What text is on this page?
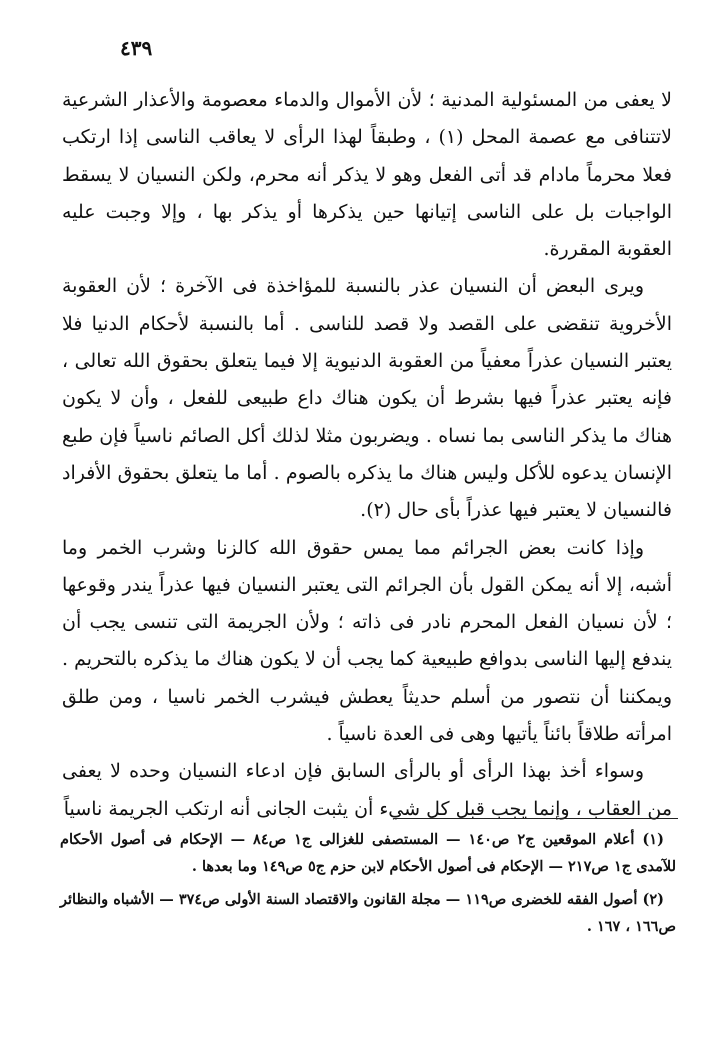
٤٣٩

لا يعفى من المسئولية المدنية ؛ لأن الأموال والدماء معصومة والأعذار الشرعية لاتتنافى مع عصمة المحل (١) ، وطبقاً لهذا الرأى لا يعاقب الناسى إذا ارتكب فعلا محرماً مادام قد أتى الفعل وهو لا يذكر أنه محرم، ولكن النسيان لا يسقط الواجبات بل على الناسى إتيانها حين يذكرها أو يذكر بها ، وإلا وجبت عليه العقوبة المقررة.

ويرى البعض أن النسيان عذر بالنسبة للمؤاخذة فى الآخرة ؛ لأن العقوبة الأخروية تنقضى على القصد ولا قصد للناسى . أما بالنسبة لأحكام الدنيا فلا يعتبر النسيان عذراً معفياً من العقوبة الدنيوية إلا فيما يتعلق بحقوق الله تعالى ، فإنه يعتبر عذراً فيها بشرط أن يكون هناك داع طبيعى للفعل ، وأن لا يكون هناك ما يذكر الناسى بما نساه . ويضربون مثلا لذلك أكل الصائم ناسياً فإن طبع الإنسان يدعوه للأكل وليس هناك ما يذكره بالصوم . أما ما يتعلق بحقوق الأفراد فالنسيان لا يعتبر فيها عذراً بأى حال (٢).

وإذا كانت بعض الجرائم مما يمس حقوق الله كالزنا وشرب الخمر وما أشبه، إلا أنه يمكن القول بأن الجرائم التى يعتبر النسيان فيها عذراً يندر وقوعها ؛ لأن نسيان الفعل المحرم نادر فى ذاته ؛ ولأن الجريمة التى تنسى يجب أن يندفع إليها الناسى بدوافع طبيعية كما يجب أن لا يكون هناك ما يذكره بالتحريم . ويمكننا أن نتصور من أسلم حديثاً يعطش فيشرب الخمر ناسيا ، ومن طلق امرأته طلاقاً بائناً يأتيها وهى فى العدة ناسياً .

وسواء أخذ بهذا الرأى أو بالرأى السابق فإن ادعاء النسيان وحده لا يعفى من العقاب ، وإنما يجب قبل كل شيء أن يثبت الجانى أنه ارتكب الجريمة ناسياً

(١) أعلام الموقعين ج٢ ص١٤٠ — المستصفى للغزالى ج١ ص٨٤ — الإحكام فى أصول الأحكام للآمدى ج١ ص٢١٧ — الإحكام فى أصول الأحكام لابن حزم ج٥ ص١٤٩ وما بعدها .

(٢) أصول الفقه للخضرى ص١١٩ — مجلة القانون والاقتصاد السنة الأولى ص٣٧٤ — الأشباه والنظائر ص١٦٦ ، ١٦٧ .
